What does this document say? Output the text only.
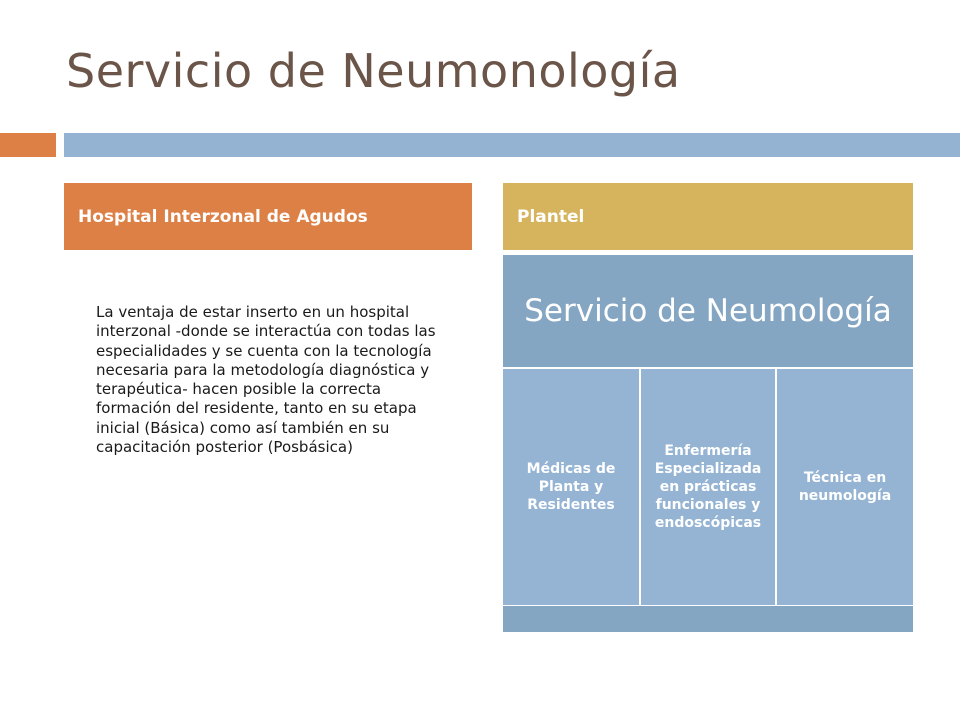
Servicio de Neumonología
Hospital Interzonal de Agudos	Plantel
La ventaja de estar inserto en un hospital interzonal -donde se interactúa con todas las especialidades y se cuenta con la tecnología necesaria para la metodología diagnóstica y terapéutica- hacen posible la correcta formación del residente, tanto en su etapa inicial (Básica) como así también en su capacitación posterior (Posbásica)
Servicio de Neumología
Médicas de Planta y Residentes
Enfermería Especializada en prácticas funcionales y endoscópicas
Técnica en neumología
